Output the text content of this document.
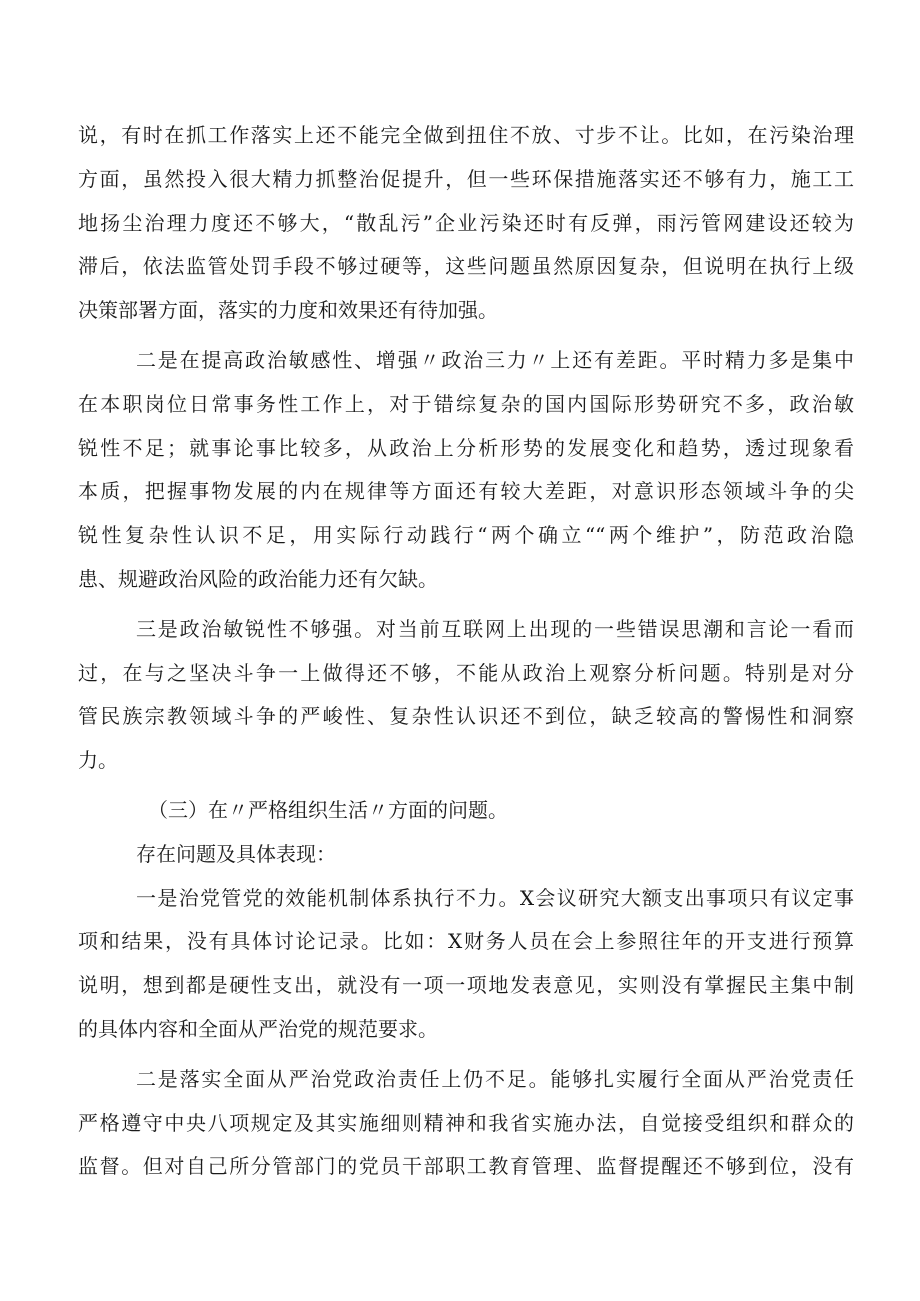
说，有时在抓工作落实上还不能完全做到扭住不放、寸步不让。比如，在污染治理
方面，虽然投入很大精力抓整治促提升，但一些环保措施落实还不够有力，施工工
地扬尘治理力度还不够大，“散乱污”企业污染还时有反弹，雨污管网建设还较为
滞后，依法监管处罚手段不够过硬等，这些问题虽然原因复杂，但说明在执行上级
决策部署方面，落实的力度和效果还有待加强。
二是在提高政治敏感性、增强〃政治三力〃上还有差距。平时精力多是集中
在本职岗位日常事务性工作上，对于错综复杂的国内国际形势研究不多，政治敏
锐性不足；就事论事比较多，从政治上分析形势的发展变化和趋势，透过现象看
本质，把握事物发展的内在规律等方面还有较大差距，对意识形态领域斗争的尖
锐性复杂性认识不足，用实际行动践行“两个确立““两个维护”，防范政治隐
患、规避政治风险的政治能力还有欠缺。
三是政治敏锐性不够强。对当前互联网上出现的一些错误思潮和言论一看而
过，在与之坚决斗争一上做得还不够，不能从政治上观察分析问题。特别是对分
管民族宗教领域斗争的严峻性、复杂性认识还不到位，缺乏较高的警惕性和洞察
力。
（三）在〃严格组织生活〃方面的问题。
存在问题及具体表现：
一是治党管党的效能机制体系执行不力。X会议研究大额支出事项只有议定事
项和结果，没有具体讨论记录。比如：X财务人员在会上参照往年的开支进行预算
说明，想到都是硬性支出，就没有一项一项地发表意见，实则没有掌握民主集中制
的具体内容和全面从严治党的规范要求。
二是落实全面从严治党政治责任上仍不足。能够扎实履行全面从严治党责任
严格遵守中央八项规定及其实施细则精神和我省实施办法，自觉接受组织和群众的
监督。但对自己所分管部门的党员干部职工教育管理、监督提醒还不够到位，没有
